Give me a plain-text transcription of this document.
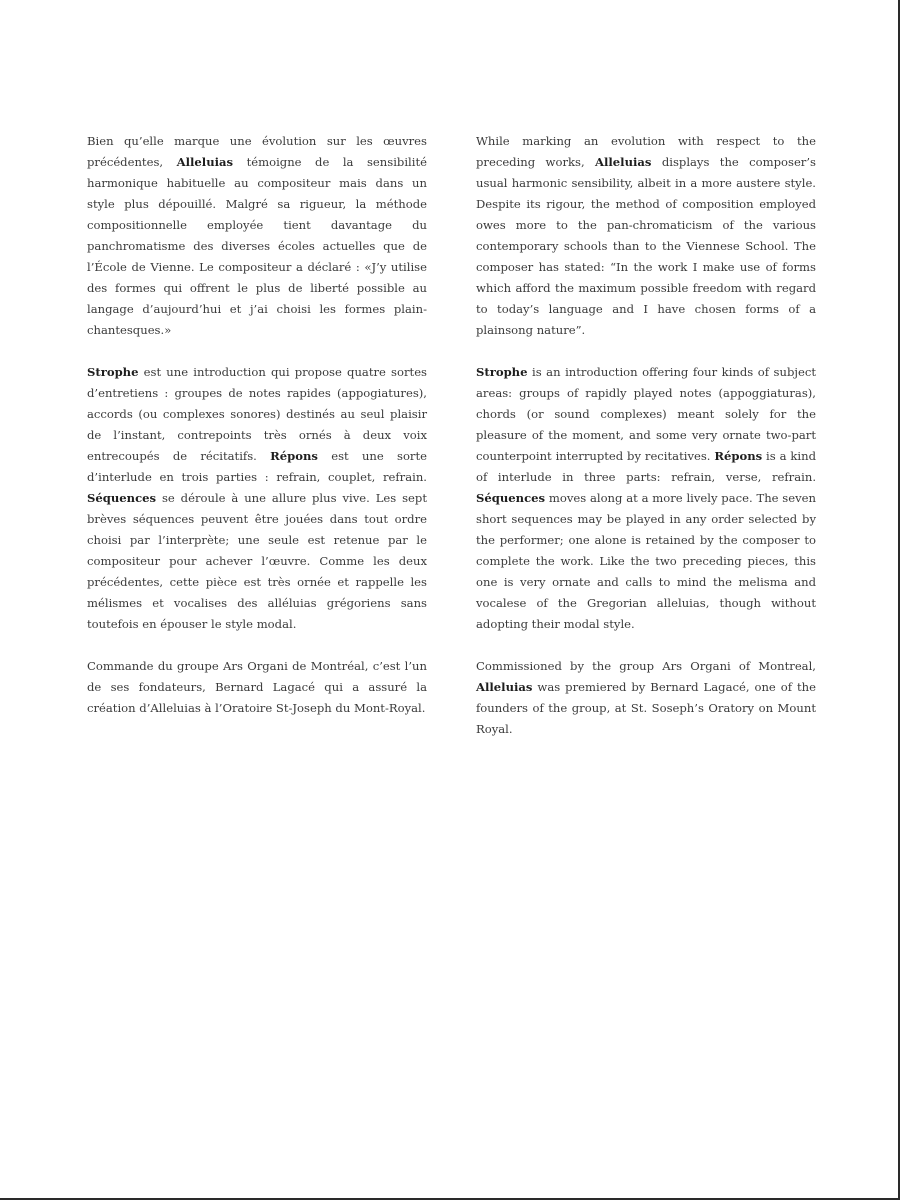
Bien qu’elle marque une évolution sur les œuvres précédentes, Alleluias témoigne de la sensibilité harmonique habituelle au compositeur mais dans un style plus dépouillé. Malgré sa rigueur, la méthode compositionnelle employée tient davantage du panchromatisme des diverses écoles actuelles que de l’École de Vienne. Le compositeur a déclaré : «J’y utilise des formes qui offrent le plus de liberté possible au langage d’aujourd’hui et j’ai choisi les formes plain-chantesques.»

Strophe est une introduction qui propose quatre sortes d’entretiens : groupes de notes rapides (appogiatures), accords (ou complexes sonores) destinés au seul plaisir de l’instant, contrepoints très ornés à deux voix entrecoupés de récitatifs. Répons est une sorte d’interlude en trois parties : refrain, couplet, refrain. Séquences se déroule à une allure plus vive. Les sept brèves séquences peuvent être jouées dans tout ordre choisi par l’interprète; une seule est retenue par le compositeur pour achever l’œuvre. Comme les deux précédentes, cette pièce est très ornée et rappelle les mélismes et vocalises des alléluias grégoriens sans toutefois en épouser le style modal.

Commande du groupe Ars Organi de Montréal, c’est l’un de ses fondateurs, Bernard Lagacé qui a assuré la création d’Alleluias à l’Oratoire St-Joseph du Mont-Royal.

While marking an evolution with respect to the preceding works, Alleluias displays the composer’s usual harmonic sensibility, albeit in a more austere style. Despite its rigour, the method of composition employed owes more to the pan-chromaticism of the various contemporary schools than to the Viennese School. The composer has stated: “In the work I make use of forms which afford the maximum possible freedom with regard to today’s language and I have chosen forms of a plainsong nature”.

Strophe is an introduction offering four kinds of subject areas: groups of rapidly played notes (appoggiaturas), chords (or sound complexes) meant solely for the pleasure of the moment, and some very ornate two-part counterpoint interrupted by recitatives. Répons is a kind of interlude in three parts: refrain, verse, refrain. Séquences moves along at a more lively pace. The seven short sequences may be played in any order selected by the performer; one alone is retained by the composer to complete the work. Like the two preceding pieces, this one is very ornate and calls to mind the melisma and vocalese of the Gregorian alleluias, though without adopting their modal style.

Commissioned by the group Ars Organi of Montreal, Alleluias was premiered by Bernard Lagacé, one of the founders of the group, at St. Soseph’s Oratory on Mount Royal.
